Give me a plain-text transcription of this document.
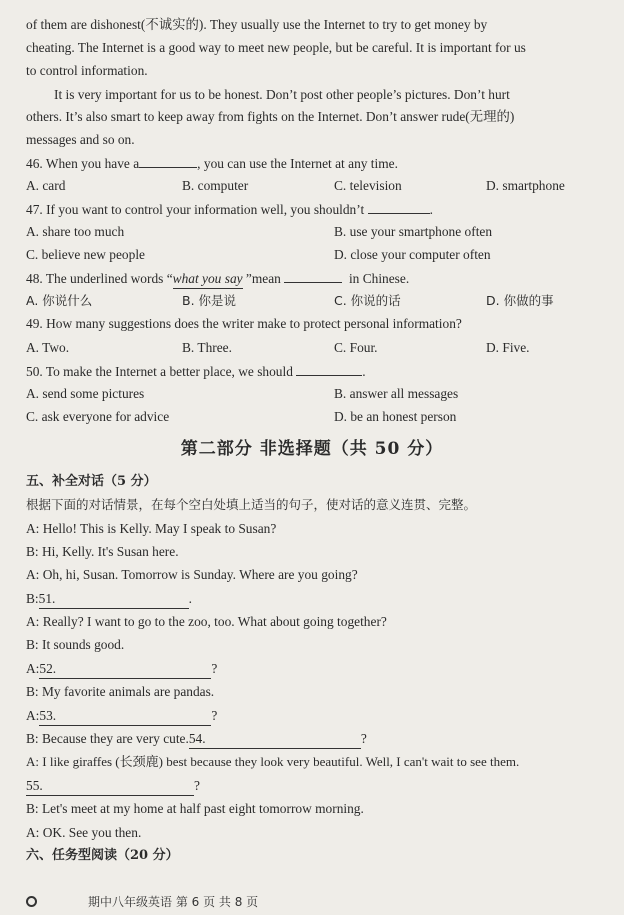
of them are dishonest(不诚实的). They usually use the Internet to try to get money by
cheating. The Internet is a good way to meet new people, but be careful. It is important for us
to control information.
It is very important for us to be honest. Don’t post other people’s pictures. Don’t hurt
others. It’s also smart to keep away from fights on the Internet. Don’t answer rude(无理的)
messages and so on.
46. When you have a	, you can use the Internet at any time.
A. card	B. computer	C. television	D. smartphone
47. If you want to control your information well, you shouldn’t	.
A. share too much	B. use your smartphone often
C. believe new people	D. close your computer often
48. The underlined words “what you say ”mean	in Chinese.
A. 你说什么	B. 你是说	C. 你说的话	D. 你做的事
49. How many suggestions does the writer make to protect personal information?
A. Two.	B. Three.	C. Four.	D. Five.
50. To make the Internet a better place, we should	.
A. send some pictures	B. answer all messages
C. ask everyone for advice	D. be an honest person
第二部分 非选择题（共 50 分）
五、补全对话（5 分）
根据下面的对话情景，在每个空白处填上适当的句子，使对话的意义连贯、完整。
A: Hello! This is Kelly. May I speak to Susan?
B: Hi, Kelly. It's Susan here.
A: Oh, hi, Susan. Tomorrow is Sunday. Where are you going?
B:51.	.
A: Really? I want to go to the zoo, too. What about going together?
B: It sounds good.
A:52.	?
B: My favorite animals are pandas.
A:53.	?
B: Because they are very cute.54.	?
A: I like giraffes (长颈鹿) best because they look very beautiful. Well, I can't wait to see them.
55.	?
B: Let's meet at my home at half past eight tomorrow morning.
A: OK. See you then.
六、任务型阅读（20 分）
期中八年级英语 第 6 页 共 8 页
